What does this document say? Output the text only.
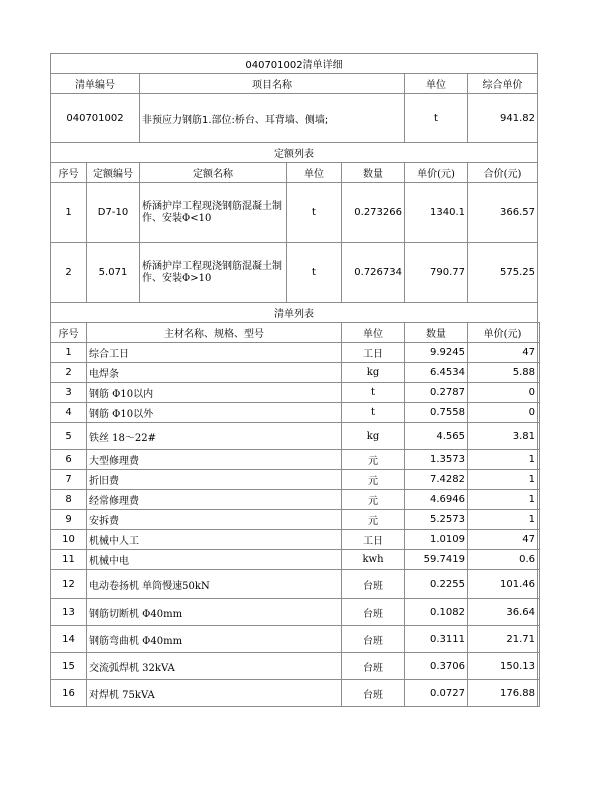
040701002清单详细							
清单编号		项目名称			单位	综合单价	
040701002		非预应力钢筋1.部位:桥台、耳背墙、侧墙;			t	941.82	
定额列表							
序号	定额编号	定额名称	单位	数量	单价(元)	合价(元)	
1	D7-10	桥涵护岸工程现浇钢筋混凝土制作、安装Φ<10	t	0.273266	1340.1	366.57	
2	5.071	桥涵护岸工程现浇钢筋混凝土制作、安装Φ>10	t	0.726734	790.77	575.25	
清单列表							
序号	主材名称、规格、型号			单位	数量	单价(元)	
1	综合工日			工日	9.9245	47	
2	电焊条			kg	6.4534	5.88	
3	钢筋 Φ10以内			t	0.2787	0	
4	钢筋 Φ10以外			t	0.7558	0	
5	铁丝 18～22#			kg	4.565	3.81	
6	大型修理费			元	1.3573	1	
7	折旧费			元	7.4282	1	
8	经常修理费			元	4.6946	1	
9	安拆费			元	5.2573	1	
10	机械中人工			工日	1.0109	47	
11	机械中电			kwh	59.7419	0.6	
12	电动卷扬机 单筒慢速50kN			台班	0.2255	101.46	
13	钢筋切断机 Φ40mm			台班	0.1082	36.64	
14	钢筋弯曲机 Φ40mm			台班	0.3111	21.71	
15	交流弧焊机 32kVA			台班	0.3706	150.13	
16	对焊机 75kVA			台班	0.0727	176.88	
